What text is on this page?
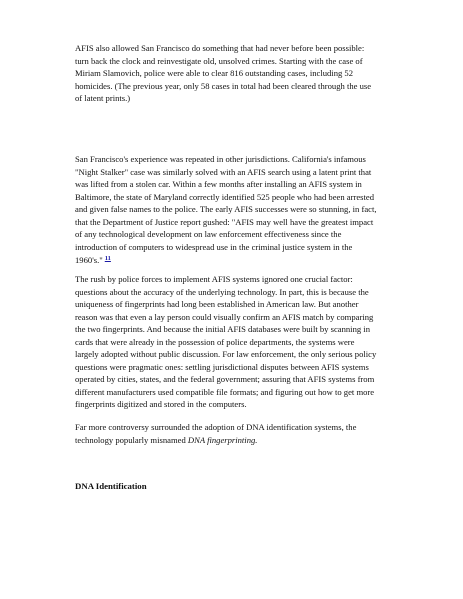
AFIS also allowed San Francisco do something that had never before been possible:
turn back the clock and reinvestigate old, unsolved crimes. Starting with the case of
Miriam Slamovich, police were able to clear 816 outstanding cases, including 52
homicides. (The previous year, only 58 cases in total had been cleared through the use
of latent prints.)

San Francisco's experience was repeated in other jurisdictions. California's infamous
"Night Stalker" case was similarly solved with an AFIS search using a latent print that
was lifted from a stolen car. Within a few months after installing an AFIS system in
Baltimore, the state of Maryland correctly identified 525 people who had been arrested
and given false names to the police. The early AFIS successes were so stunning, in fact,
that the Department of Justice report gushed: "AFIS may well have the greatest impact
of any technological development on law enforcement effectiveness since the
introduction of computers to widespread use in the criminal justice system in the
1960's." $^{11}$

The rush by police forces to implement AFIS systems ignored one crucial factor:
questions about the accuracy of the underlying technology. In part, this is because the
uniqueness of fingerprints had long been established in American law. But another
reason was that even a lay person could visually confirm an AFIS match by comparing
the two fingerprints. And because the initial AFIS databases were built by scanning in
cards that were already in the possession of police departments, the systems were
largely adopted without public discussion. For law enforcement, the only serious policy
questions were pragmatic ones: settling jurisdictional disputes between AFIS systems
operated by cities, states, and the federal government; assuring that AFIS systems from
different manufacturers used compatible file formats; and figuring out how to get more
fingerprints digitized and stored in the computers.

Far more controversy surrounded the adoption of DNA identification systems, the
technology popularly misnamed DNA fingerprinting.

DNA Identification
